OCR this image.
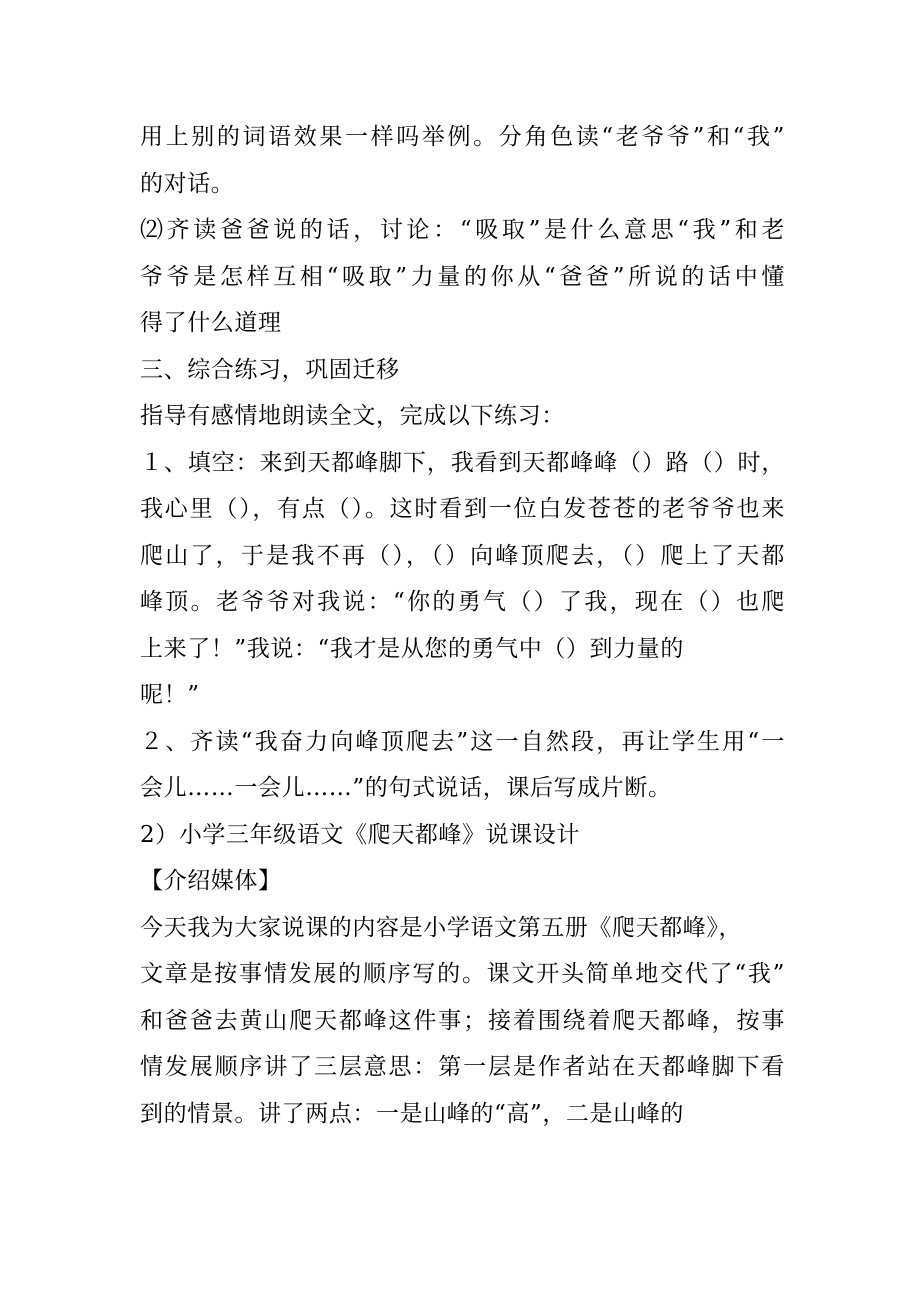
用上别的词语效果一样吗举例。分角色读“老爷爷”和“我”
的对话。
⑵齐读爸爸说的话，讨论：“吸取”是什么意思“我”和老
爷爷是怎样互相“吸取”力量的你从“爸爸”所说的话中懂
得了什么道理
三、综合练习，巩固迁移
指导有感情地朗读全文，完成以下练习：
１、填空：来到天都峰脚下，我看到天都峰峰（）路（）时，
我心里（），有点（）。这时看到一位白发苍苍的老爷爷也来
爬山了，于是我不再（），（）向峰顶爬去，（）爬上了天都
峰顶。老爷爷对我说：“你的勇气（）了我，现在（）也爬
上来了！”我说：“我才是从您的勇气中（）到力量的
呢！”
２、齐读“我奋力向峰顶爬去”这一自然段，再让学生用“一
会儿……一会儿……”的句式说话，课后写成片断。
2）小学三年级语文《爬天都峰》说课设计
【介绍媒体】
今天我为大家说课的内容是小学语文第五册《爬天都峰》，
文章是按事情发展的顺序写的。课文开头简单地交代了“我”
和爸爸去黄山爬天都峰这件事；接着围绕着爬天都峰，按事
情发展顺序讲了三层意思：第一层是作者站在天都峰脚下看
到的情景。讲了两点：一是山峰的“高”，二是山峰的
